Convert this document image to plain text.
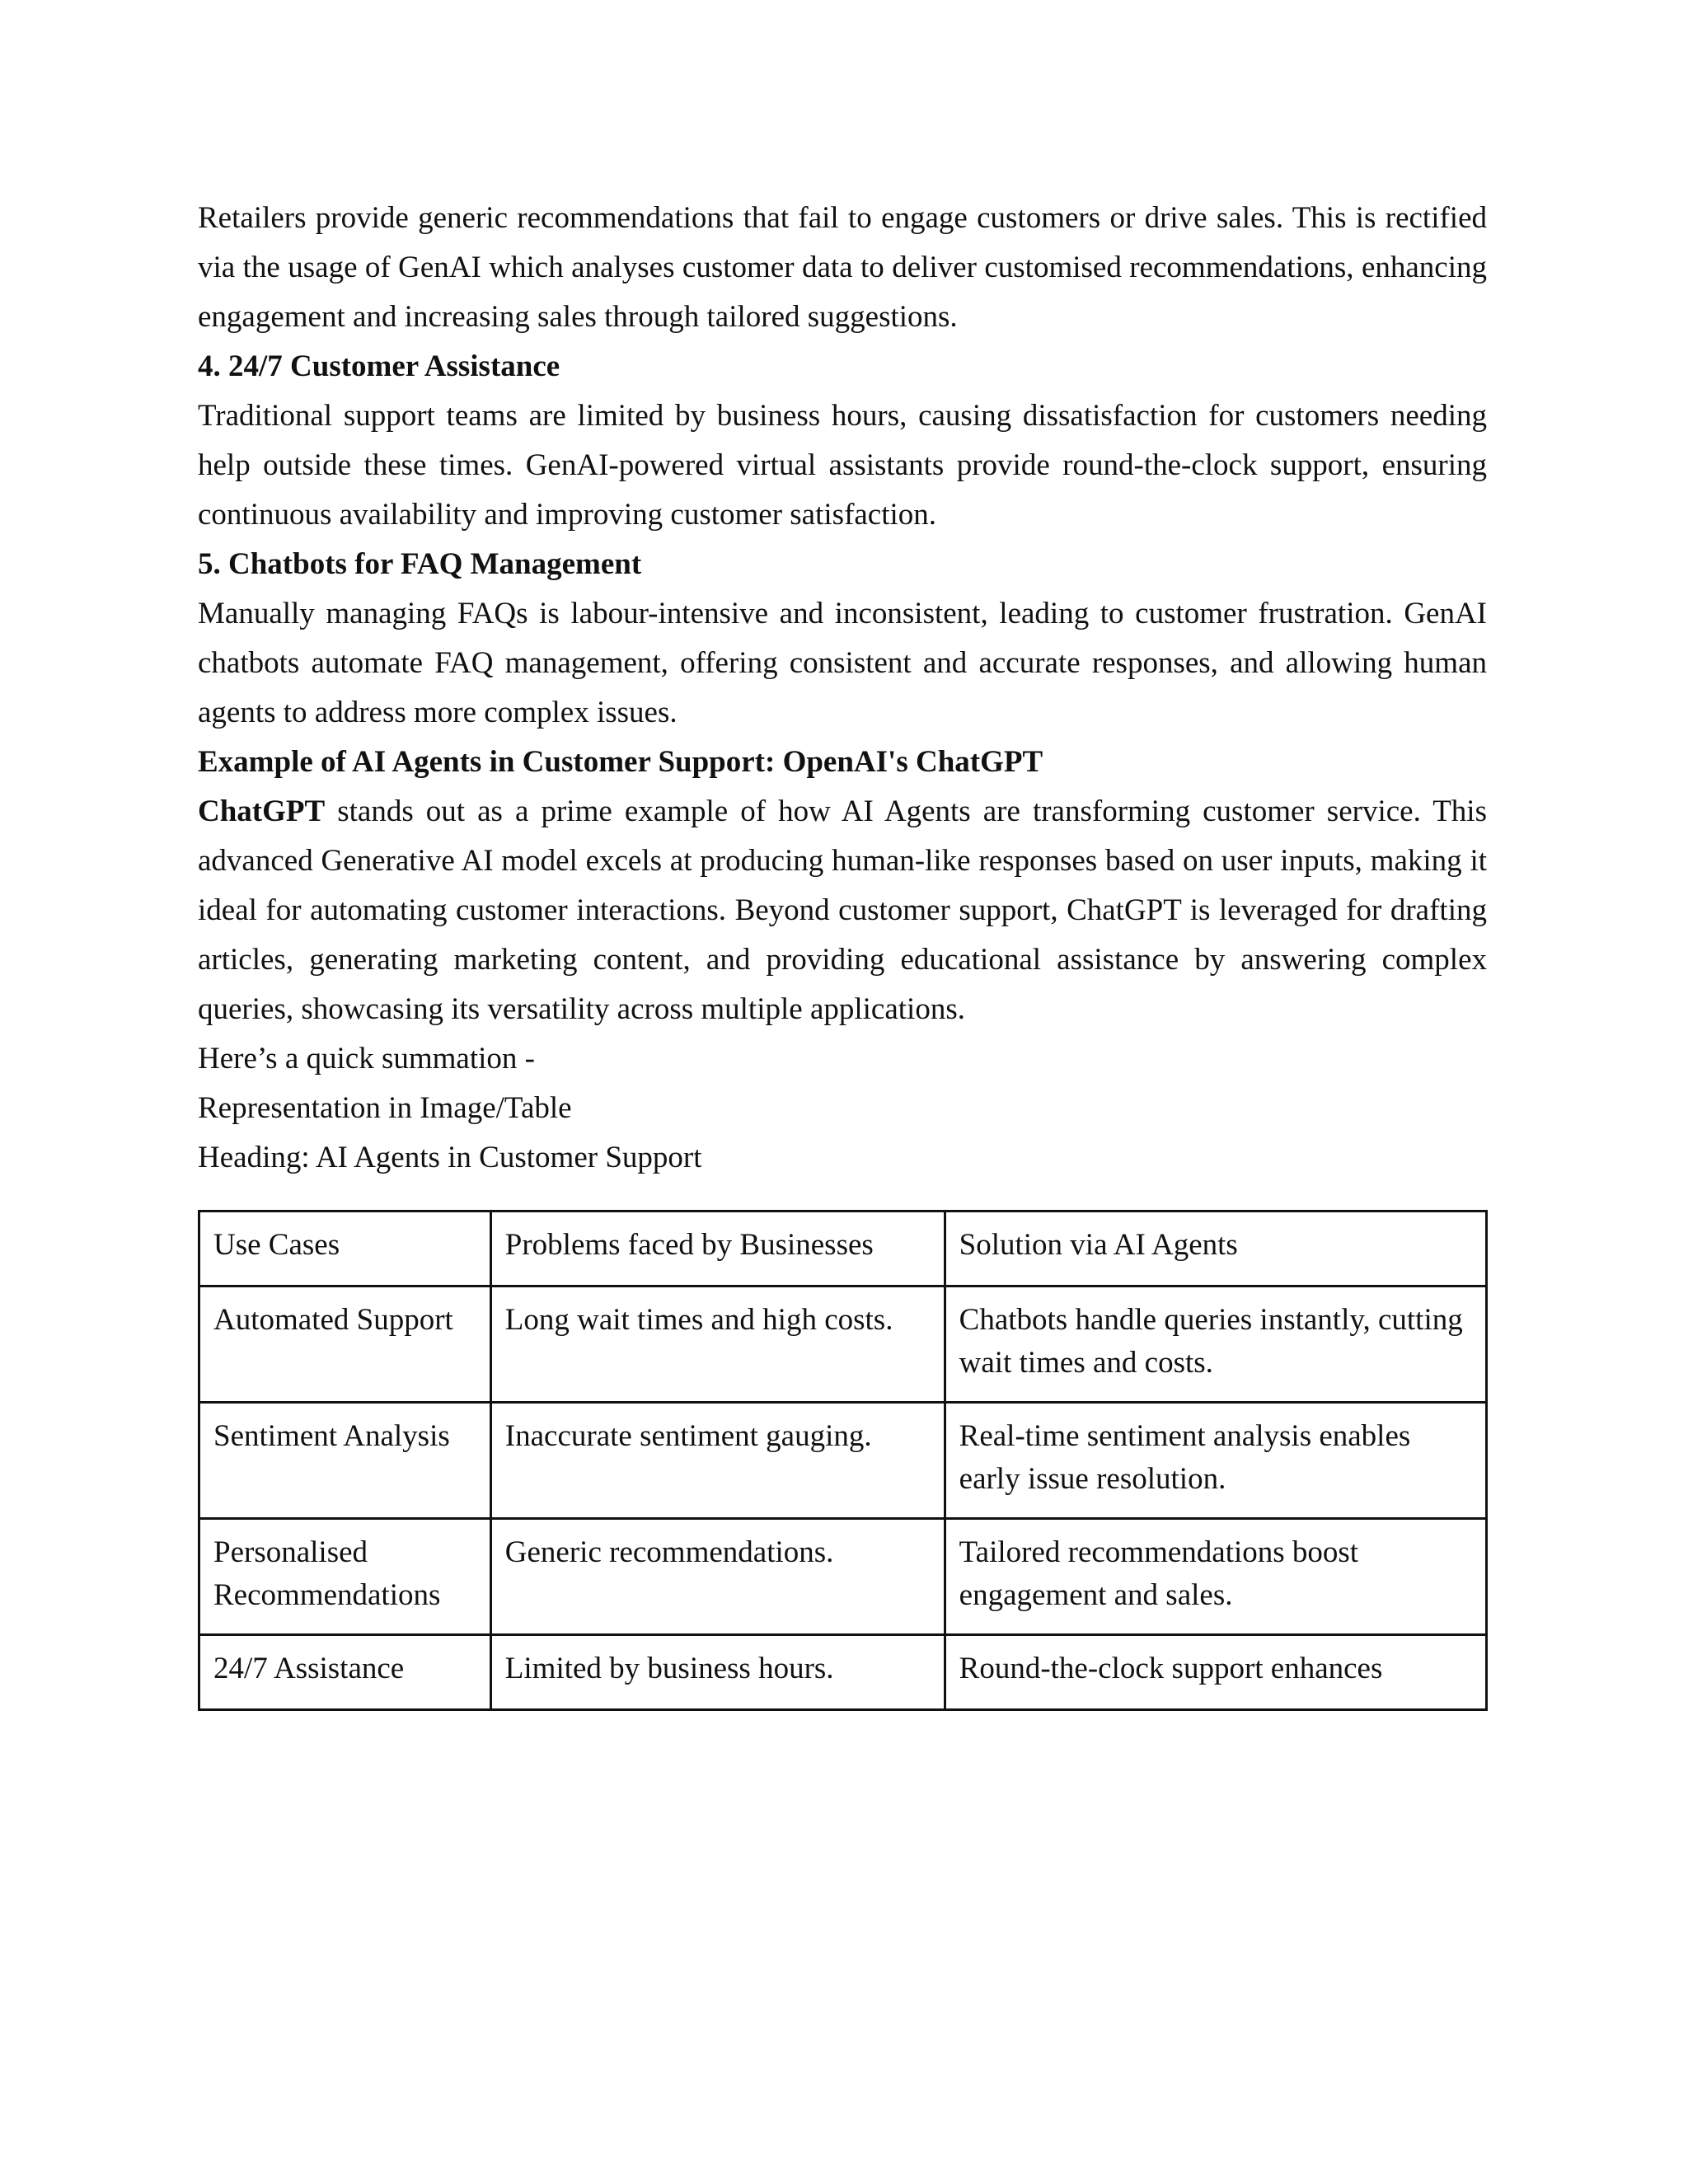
Retailers provide generic recommendations that fail to engage customers or drive sales. This is rectified via the usage of GenAI which analyses customer data to deliver customised recommendations, enhancing engagement and increasing sales through tailored suggestions.

4. 24/7 Customer Assistance

Traditional support teams are limited by business hours, causing dissatisfaction for customers needing help outside these times. GenAI-powered virtual assistants provide round-the-clock support, ensuring continuous availability and improving customer satisfaction.

5. Chatbots for FAQ Management

Manually managing FAQs is labour-intensive and inconsistent, leading to customer frustration. GenAI chatbots automate FAQ management, offering consistent and accurate responses, and allowing human agents to address more complex issues.

Example of AI Agents in Customer Support: OpenAI's ChatGPT

ChatGPT stands out as a prime example of how AI Agents are transforming customer service. This advanced Generative AI model excels at producing human-like responses based on user inputs, making it ideal for automating customer interactions. Beyond customer support, ChatGPT is leveraged for drafting articles, generating marketing content, and providing educational assistance by answering complex queries, showcasing its versatility across multiple applications.

Here’s a quick summation -

Representation in Image/Table

Heading: AI Agents in Customer Support

Use Cases	Problems faced by Businesses	Solution via AI Agents
Automated Support	Long wait times and high costs.	Chatbots handle queries instantly, cutting wait times and costs.
Sentiment Analysis	Inaccurate sentiment gauging.	Real-time sentiment analysis enables early issue resolution.
Personalised Recommendations	Generic recommendations.	Tailored recommendations boost engagement and sales.
24/7 Assistance	Limited by business hours.	Round-the-clock support enhances
